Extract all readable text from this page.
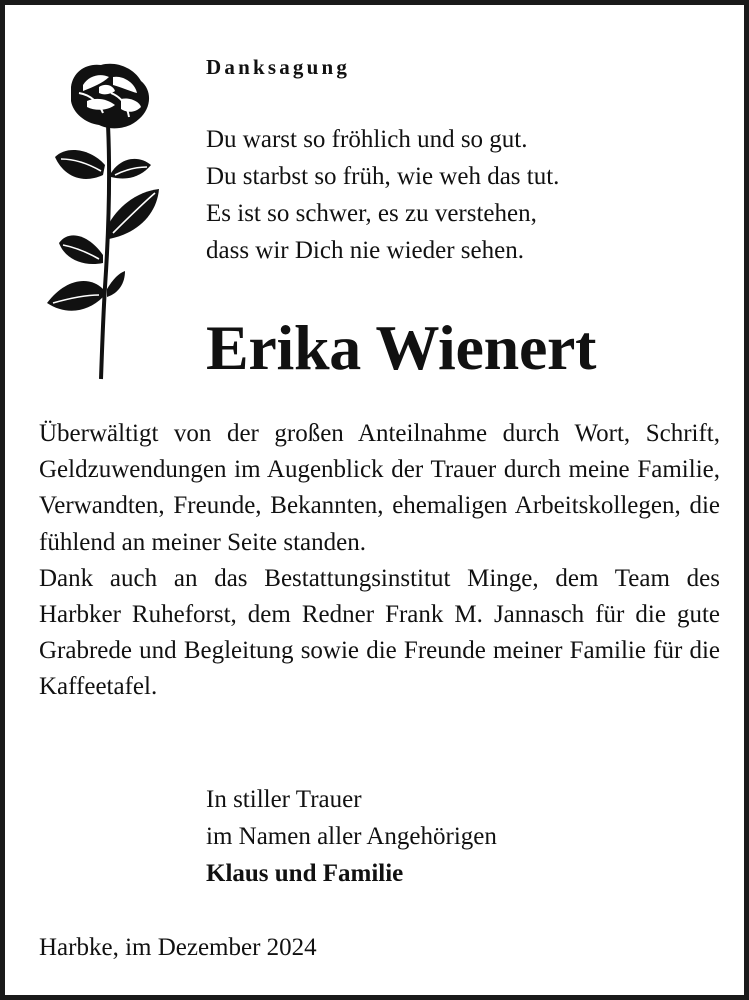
Danksagung
Du warst so fröhlich und so gut.
Du starbst so früh, wie weh das tut.
Es ist so schwer, es zu verstehen,
dass wir Dich nie wieder sehen.
Erika Wienert

Überwältigt von der großen Anteilnahme durch Wort, Schrift, Geldzuwendungen im Augenblick der Trauer durch meine Familie, Verwandten, Freunde, Bekannten, ehemaligen Arbeitskollegen, die fühlend an meiner Seite standen.

Dank auch an das Bestattungsinstitut Minge, dem Team des Harbker Ruheforst, dem Redner Frank M. Jannasch für die gute Grabrede und Begleitung sowie die Freunde meiner Familie für die Kaffeetafel.

In stiller Trauer
im Namen aller Angehörigen
Klaus und Familie
Harbke, im Dezember 2024
